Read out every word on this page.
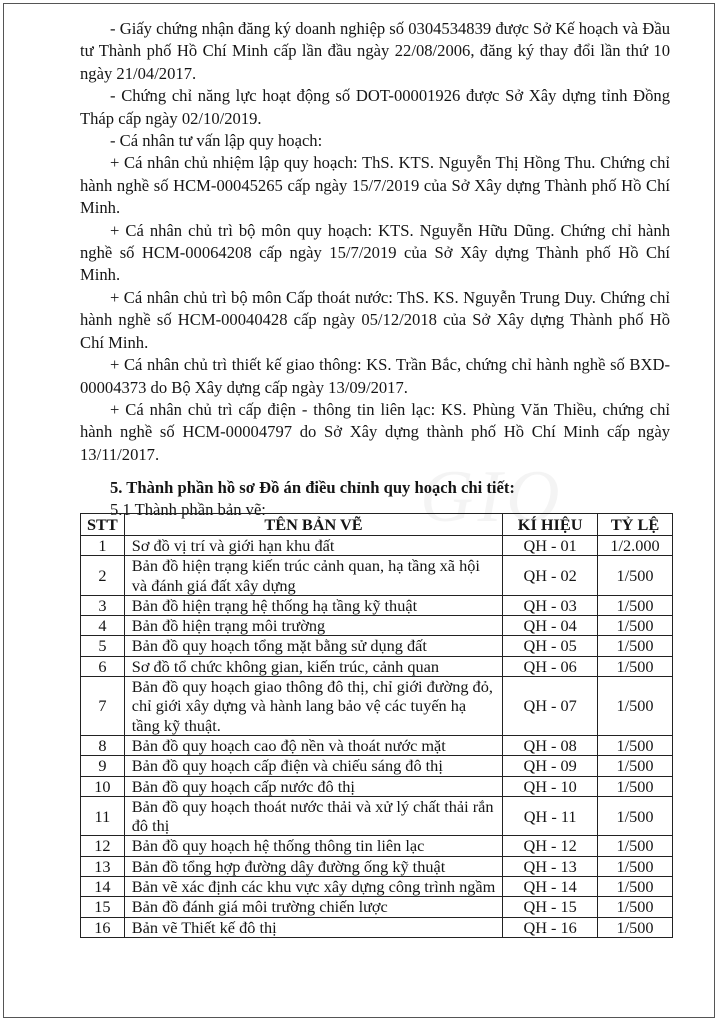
- Giấy chứng nhận đăng ký doanh nghiệp số 0304534839 được Sở Kế hoạch và Đầu tư Thành phố Hồ Chí Minh cấp lần đầu ngày 22/08/2006, đăng ký thay đổi lần thứ 10 ngày 21/04/2017.

- Chứng chỉ năng lực hoạt động số DOT-00001926 được Sở Xây dựng tỉnh Đồng Tháp cấp ngày 02/10/2019.

- Cá nhân tư vấn lập quy hoạch:

+ Cá nhân chủ nhiệm lập quy hoạch: ThS. KTS. Nguyễn Thị Hồng Thu. Chứng chỉ hành nghề số HCM-00045265 cấp ngày 15/7/2019 của Sở Xây dựng Thành phố Hồ Chí Minh.

+ Cá nhân chủ trì bộ môn quy hoạch: KTS. Nguyễn Hữu Dũng. Chứng chỉ hành nghề số HCM-00064208 cấp ngày 15/7/2019 của Sở Xây dựng Thành phố Hồ Chí Minh.

+ Cá nhân chủ trì bộ môn Cấp thoát nước: ThS. KS. Nguyễn Trung Duy. Chứng chỉ hành nghề số HCM-00040428 cấp ngày 05/12/2018 của Sở Xây dựng Thành phố Hồ Chí Minh.

+ Cá nhân chủ trì thiết kế giao thông: KS. Trần Bắc, chứng chỉ hành nghề số BXD-00004373 do Bộ Xây dựng cấp ngày 13/09/2017.

+ Cá nhân chủ trì cấp điện - thông tin liên lạc: KS. Phùng Văn Thiều, chứng chỉ hành nghề số HCM-00004797 do Sở Xây dựng thành phố Hồ Chí Minh cấp ngày 13/11/2017.

5. Thành phần hồ sơ Đồ án điều chỉnh quy hoạch chi tiết:

5.1 Thành phần bản vẽ:

STT	TÊN BẢN VẼ	KÍ HIỆU	TỶ LỆ
1	Sơ đồ vị trí và giới hạn khu đất	QH - 01	1/2.000
2	Bản đồ hiện trạng kiến trúc cảnh quan, hạ tầng xã hội và đánh giá đất xây dựng	QH - 02	1/500
3	Bản đồ hiện trạng hệ thống hạ tầng kỹ thuật	QH - 03	1/500
4	Bản đồ hiện trạng môi trường	QH - 04	1/500
5	Bản đồ quy hoạch tổng mặt bằng sử dụng đất	QH - 05	1/500
6	Sơ đồ tổ chức không gian, kiến trúc, cảnh quan	QH - 06	1/500
7	Bản đồ quy hoạch giao thông đô thị, chỉ giới đường đỏ, chỉ giới xây dựng và hành lang bảo vệ các tuyến hạ tầng kỹ thuật.	QH - 07	1/500
8	Bản đồ quy hoạch cao độ nền và thoát nước mặt	QH - 08	1/500
9	Bản đồ quy hoạch cấp điện và chiếu sáng đô thị	QH - 09	1/500
10	Bản đồ quy hoạch cấp nước đô thị	QH - 10	1/500
11	Bản đồ quy hoạch thoát nước thải và xử lý chất thải rắn đô thị	QH - 11	1/500
12	Bản đồ quy hoạch hệ thống thông tin liên lạc	QH - 12	1/500
13	Bản đồ tổng hợp đường dây đường ống kỹ thuật	QH - 13	1/500
14	Bản vẽ xác định các khu vực xây dựng công trình ngầm	QH - 14	1/500
15	Bản đồ đánh giá môi trường chiến lược	QH - 15	1/500
16	Bản vẽ Thiết kế đô thị	QH - 16	1/500
